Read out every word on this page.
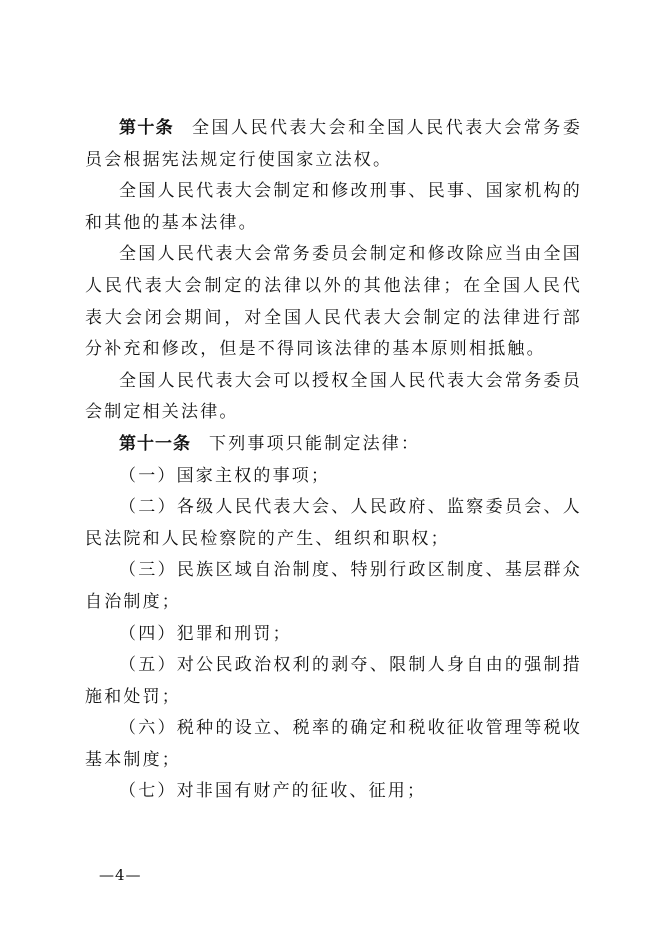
第十条 全国人民代表大会和全国人民代表大会常务委员会根据宪法规定行使国家立法权。

全国人民代表大会制定和修改刑事、民事、国家机构的和其他的基本法律。

全国人民代表大会常务委员会制定和修改除应当由全国人民代表大会制定的法律以外的其他法律；在全国人民代表大会闭会期间，对全国人民代表大会制定的法律进行部分补充和修改，但是不得同该法律的基本原则相抵触。

全国人民代表大会可以授权全国人民代表大会常务委员会制定相关法律。

第十一条 下列事项只能制定法律：

（一）国家主权的事项；

（二）各级人民代表大会、人民政府、监察委员会、人民法院和人民检察院的产生、组织和职权；

（三）民族区域自治制度、特别行政区制度、基层群众自治制度；

（四）犯罪和刑罚；

（五）对公民政治权利的剥夺、限制人身自由的强制措施和处罚；

（六）税种的设立、税率的确定和税收征收管理等税收基本制度；

（七）对非国有财产的征收、征用；

—4—
